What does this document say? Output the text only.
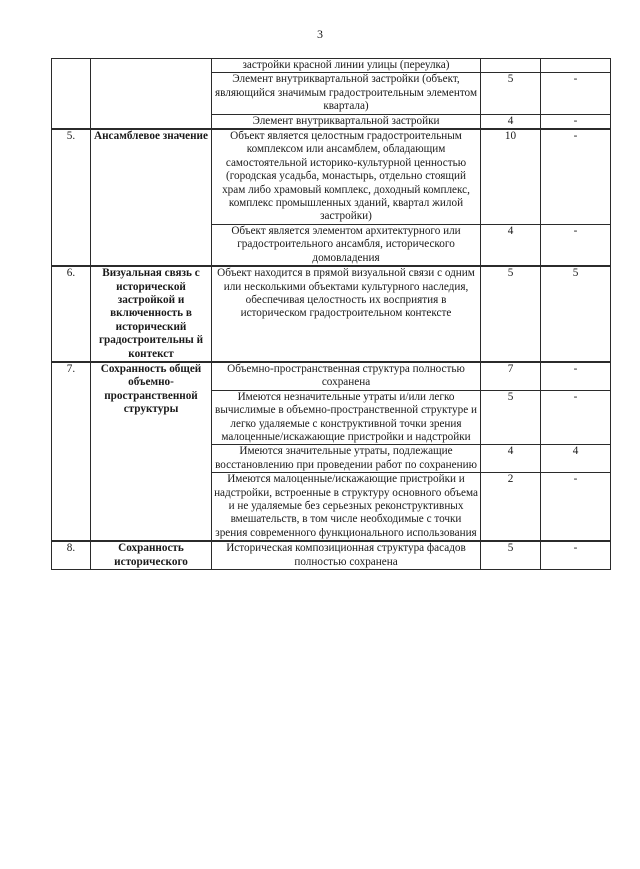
3
		застройки красной линии улицы (переулка)		
		Элемент внутриквартальной застройки (объект, являющийся значимым градостроительным элементом квартала)	5	-
		Элемент внутриквартальной застройки	4	-
5.	Ансамблевое значение	Объект является целостным градостроительным комплексом или ансамблем, обладающим самостоятельной историко-культурной ценностью (городская усадьба, монастырь, отдельно стоящий храм либо храмовый комплекс, доходный комплекс, комплекс промышленных зданий, квартал жилой застройки)	10	-
		Объект является элементом архитектурного или градостроительного ансамбля, исторического домовладения	4	-
6.	Визуальная связь с исторической застройкой и включенность в исторический градостроительны й контекст	Объект находится в прямой визуальной связи с одним или несколькими объектами культурного наследия, обеспечивая целостность их восприятия в историческом градостроительном контексте	5	5
7.	Сохранность общей объемно-пространственной структуры	Объемно-пространственная структура полностью сохранена	7	-
		Имеются незначительные утраты и/или легко вычислимые в объемно-пространственной структуре и легко удаляемые с конструктивной точки зрения малоценные/искажающие пристройки и надстройки	5	-
		Имеются значительные утраты, подлежащие восстановлению при проведении работ по сохранению	4	4
		Имеются малоценные/искажающие пристройки и надстройки, встроенные в структуру основного объема и не удаляемые без серьезных реконструктивных вмешательств, в том числе необходимые с точки зрения современного функционального использования	2	-
8.	Сохранность исторического	Историческая композиционная структура фасадов полностью сохранена	5	-
